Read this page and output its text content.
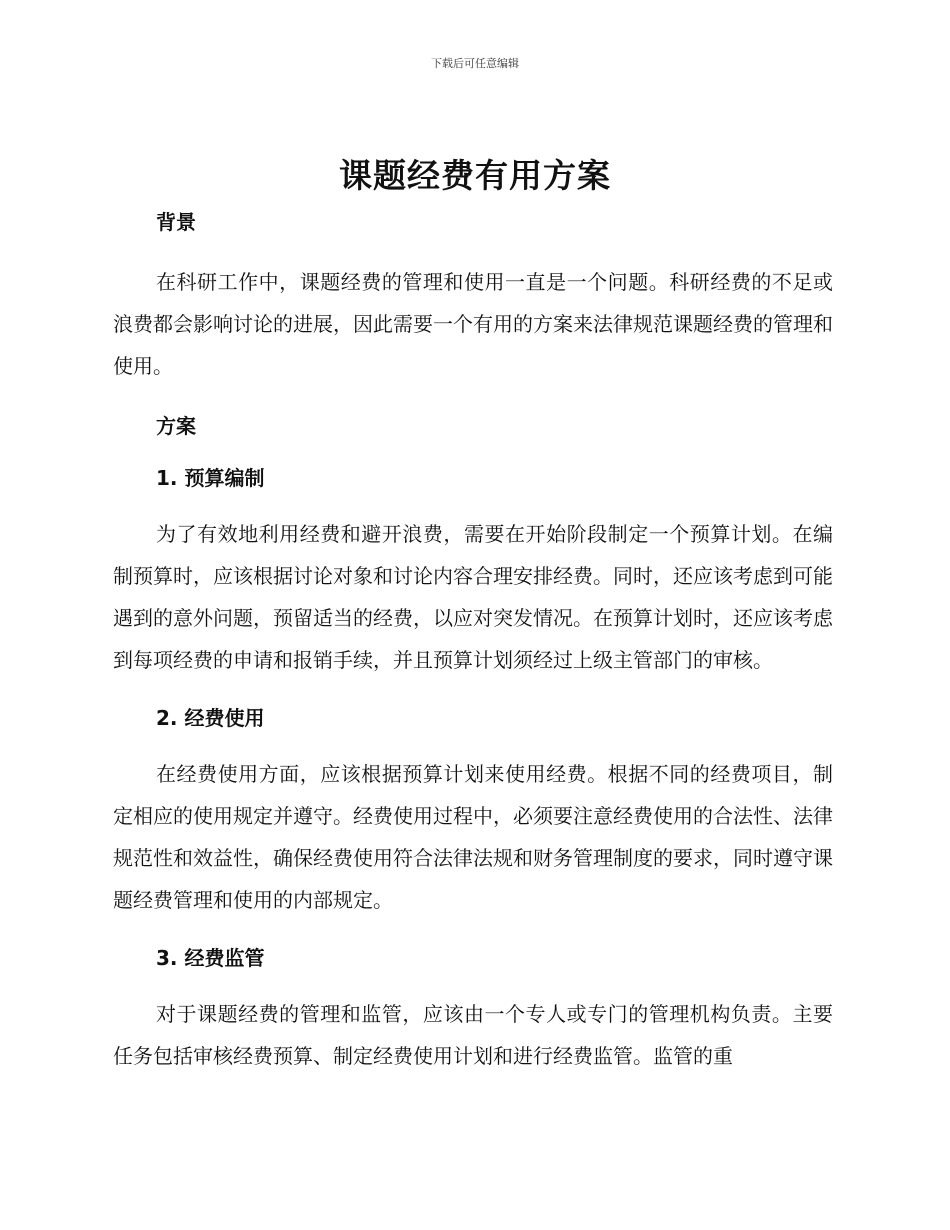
下载后可任意编辑
课题经费有用方案

背景

在科研工作中，课题经费的管理和使用一直是一个问题。科研经费的不足或浪费都会影响讨论的进展，因此需要一个有用的方案来法律规范课题经费的管理和使用。

方案

1. 预算编制

为了有效地利用经费和避开浪费，需要在开始阶段制定一个预算计划。在编制预算时，应该根据讨论对象和讨论内容合理安排经费。同时，还应该考虑到可能遇到的意外问题，预留适当的经费，以应对突发情况。在预算计划时，还应该考虑到每项经费的申请和报销手续，并且预算计划须经过上级主管部门的审核。

2. 经费使用

在经费使用方面，应该根据预算计划来使用经费。根据不同的经费项目，制定相应的使用规定并遵守。经费使用过程中，必须要注意经费使用的合法性、法律规范性和效益性，确保经费使用符合法律法规和财务管理制度的要求，同时遵守课题经费管理和使用的内部规定。

3. 经费监管

对于课题经费的管理和监管，应该由一个专人或专门的管理机构负责。主要任务包括审核经费预算、制定经费使用计划和进行经费监管。监管的重
